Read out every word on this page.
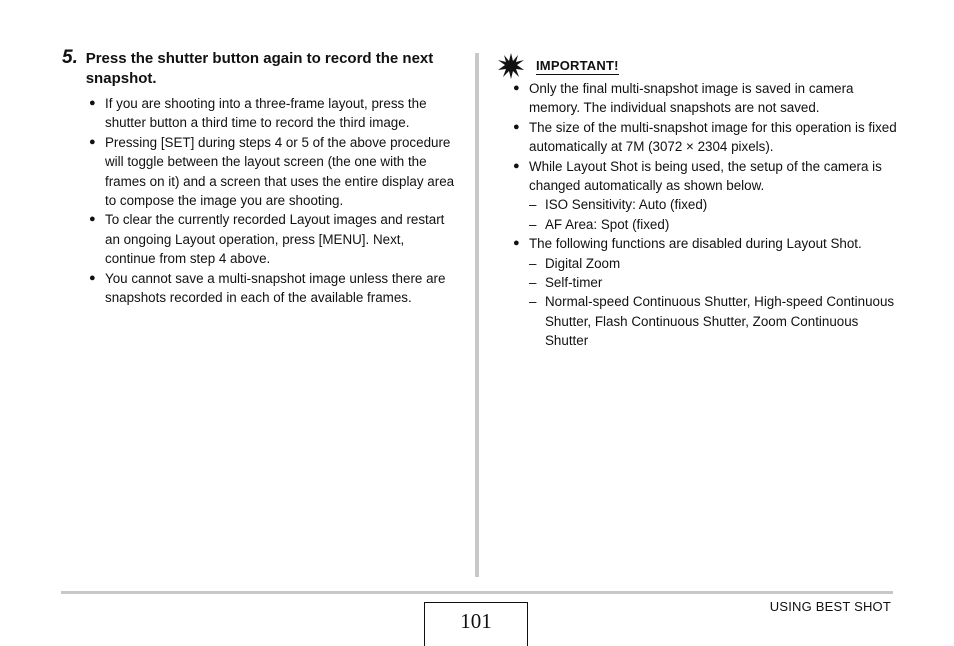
5. Press the shutter button again to record the next snapshot.
● If you are shooting into a three-frame layout, press the shutter button a third time to record the third image.
● Pressing [SET] during steps 4 or 5 of the above procedure will toggle between the layout screen (the one with the frames on it) and a screen that uses the entire display area to compose the image you are shooting.
● To clear the currently recorded Layout images and restart an ongoing Layout operation, press [MENU]. Next, continue from step 4 above.
● You cannot save a multi-snapshot image unless there are snapshots recorded in each of the available frames.
IMPORTANT!
● Only the final multi-snapshot image is saved in camera memory. The individual snapshots are not saved.
● The size of the multi-snapshot image for this operation is fixed automatically at 7M (3072 × 2304 pixels).
● While Layout Shot is being used, the setup of the camera is changed automatically as shown below.
– ISO Sensitivity: Auto (fixed)
– AF Area: Spot (fixed)
● The following functions are disabled during Layout Shot.
– Digital Zoom
– Self-timer
– Normal-speed Continuous Shutter, High-speed Continuous Shutter, Flash Continuous Shutter, Zoom Continuous Shutter
101
USING BEST SHOT
